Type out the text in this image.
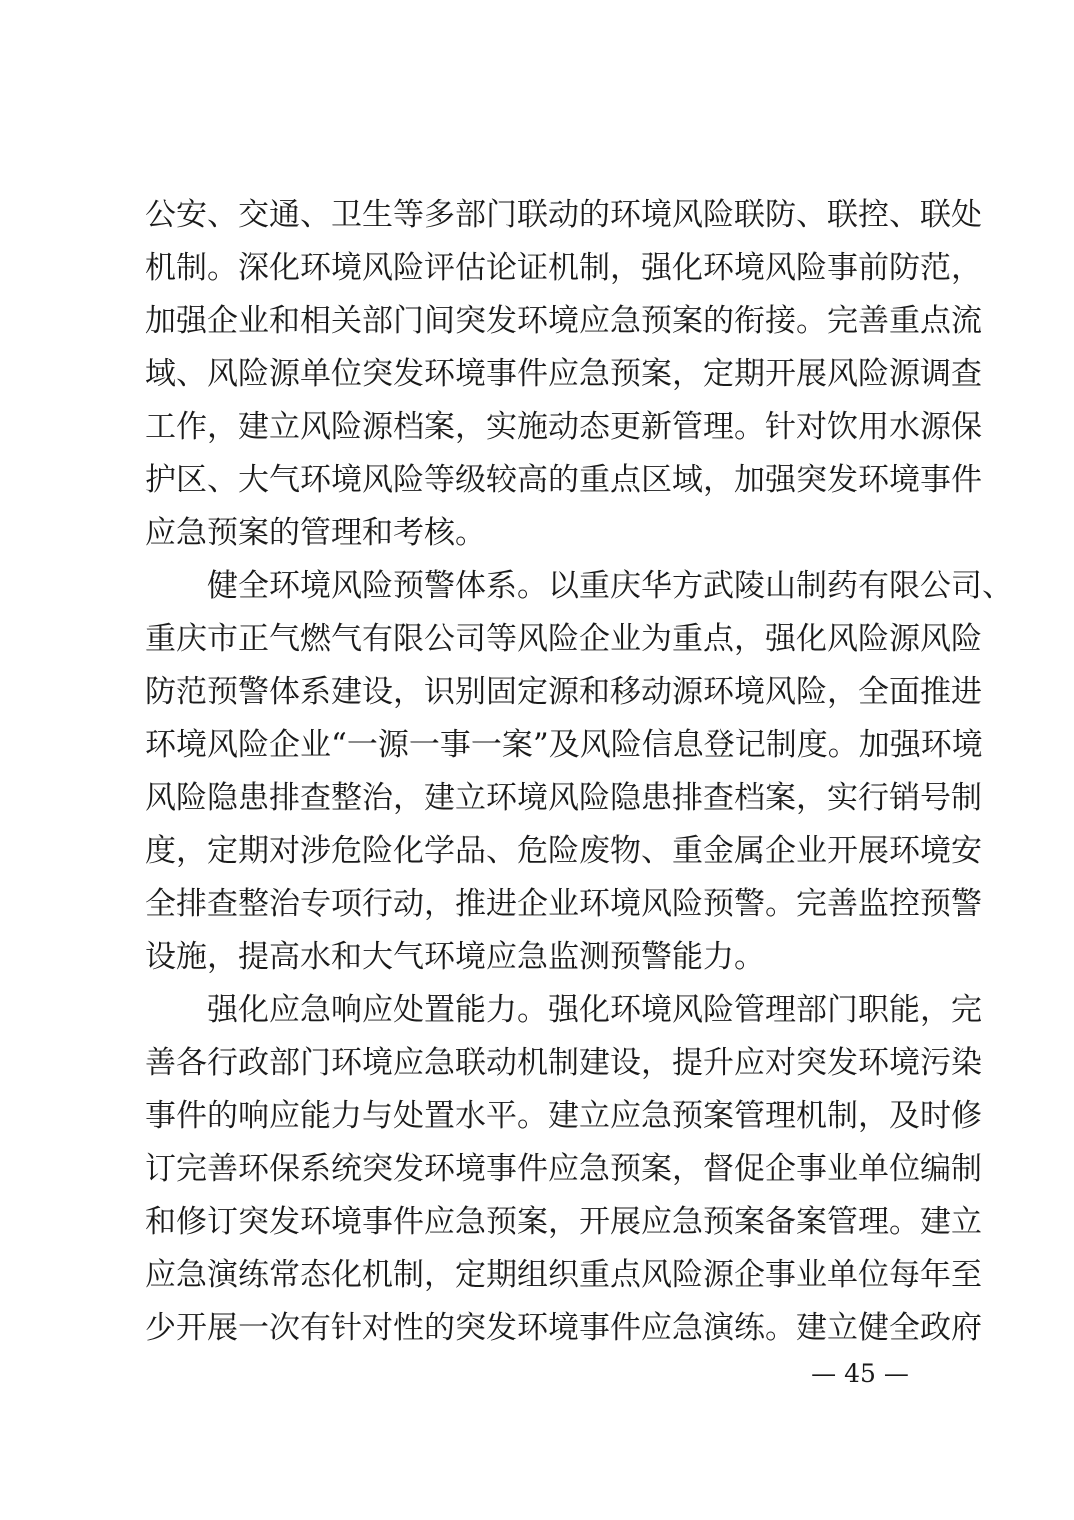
公安、交通、卫生等多部门联动的环境风险联防、联控、联处
机制。深化环境风险评估论证机制，强化环境风险事前防范，
加强企业和相关部门间突发环境应急预案的衔接。完善重点流
域、风险源单位突发环境事件应急预案，定期开展风险源调查
工作，建立风险源档案，实施动态更新管理。针对饮用水源保
护区、大气环境风险等级较高的重点区域，加强突发环境事件
应急预案的管理和考核。
健全环境风险预警体系。以重庆华方武陵山制药有限公司、
重庆市正气燃气有限公司等风险企业为重点，强化风险源风险
防范预警体系建设，识别固定源和移动源环境风险，全面推进
环境风险企业“一源一事一案”及风险信息登记制度。加强环境
风险隐患排查整治，建立环境风险隐患排查档案，实行销号制
度，定期对涉危险化学品、危险废物、重金属企业开展环境安
全排查整治专项行动，推进企业环境风险预警。完善监控预警
设施，提高水和大气环境应急监测预警能力。
强化应急响应处置能力。强化环境风险管理部门职能，完
善各行政部门环境应急联动机制建设，提升应对突发环境污染
事件的响应能力与处置水平。建立应急预案管理机制，及时修
订完善环保系统突发环境事件应急预案，督促企事业单位编制
和修订突发环境事件应急预案，开展应急预案备案管理。建立
应急演练常态化机制，定期组织重点风险源企事业单位每年至
少开展一次有针对性的突发环境事件应急演练。建立健全政府
— 45 —
